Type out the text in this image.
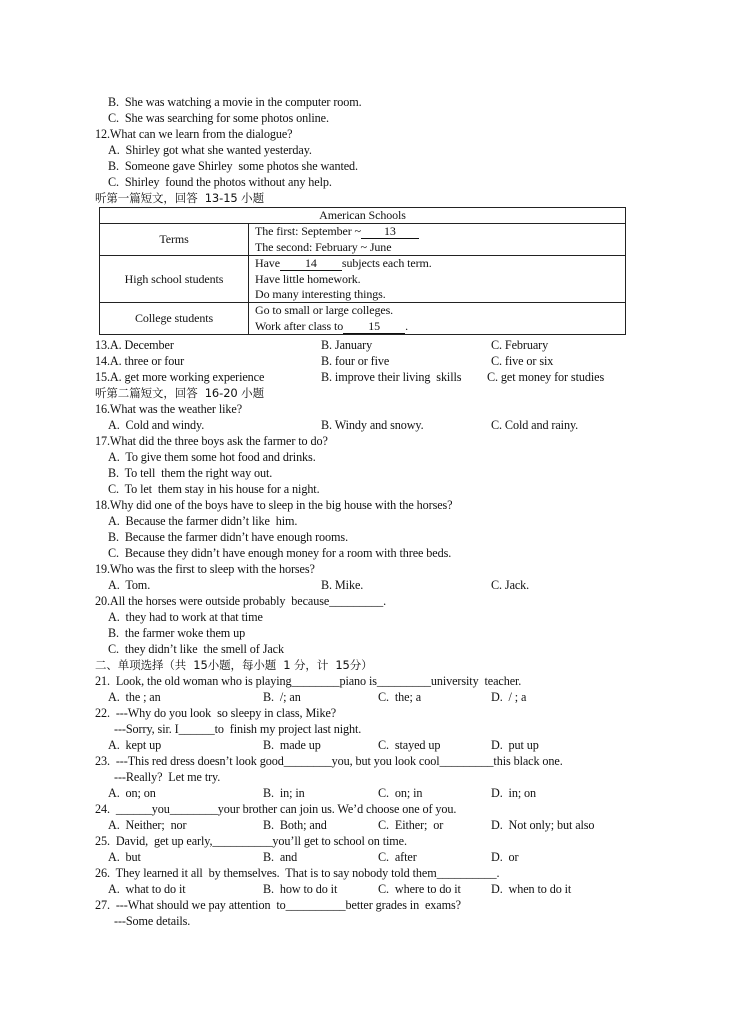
B.  She was watching a movie in the computer room.
C.  She was searching for some photos online.
12.What can we learn from the dialogue?
A.  Shirley got what she wanted yesterday.
B.  Someone gave Shirley  some photos she wanted.
C.  Shirley  found the photos without any help.
听第一篇短文，回答  13-15 小题
American Schools	
Terms	The first: September ~ 13
The second: February ~ June

High school students	Have 14 subjects each term.
Have little homework.
Do many interesting things.

College students	Go to small or large colleges.
Work after class to 15 .
13.A. December	B. January	C. February
14.A. three or four	B. four or five	C. five or six
15.A. get more working experience	B. improve their living  skills C. get money for studies
听第二篇短文，回答  16-20 小题
16.What was the weather like?
A.  Cold and windy.	B. Windy and snowy.	C. Cold and rainy.
17.What did the three boys ask the farmer to do?
A.  To give them some hot food and drinks.
B.  To tell  them the right way out.
C.  To let  them stay in his house for a night.
18.Why did one of the boys have to sleep in the big house with the horses?
A.  Because the farmer didn’t like  him.
B.  Because the farmer didn’t have enough rooms.
C.  Because they didn’t have enough money for a room with three beds.
19.Who was the first to sleep with the horses?
A.  Tom.	B. Mike.	C. Jack.
20.All the horses were outside probably  because_________.
A.  they had to work at that time
B.  the farmer woke them up
C.  they didn’t like  the smell of Jack
二、单项选择（共  15小题，每小题  1 分，计  15分）
21.  Look, the old woman who is playing________piano is_________university  teacher.
A.  the ; an	B.  /; an	C.  the; a	D.  / ; a
22.  ---Why do you look  so sleepy in class, Mike?
---Sorry, sir. I______to  finish my project last night.
A.  kept up	B.  made up	C.  stayed up	D.  put up
23.  ---This red dress doesn’t look good________you, but you look cool_________this black one.
---Really?  Let me try.
A.  on; on	B.  in; in	C.  on; in	D.  in; on
24.  ______you________your brother can join us. We’d choose one of you.
A.  Neither;  nor	B.  Both; and	C.  Either;  or	D.  Not only; but also
25.  David,  get up early,__________you’ll get to school on time.
A.  but	B.  and	C.  after	D.  or
26.  They learned it all  by themselves.  That is to say nobody told them__________.
A.  what to do it	B.  how to do it	C.  where to do it D.  when to do it
27.  ---What should we pay attention  to__________better grades in  exams?
---Some details.
